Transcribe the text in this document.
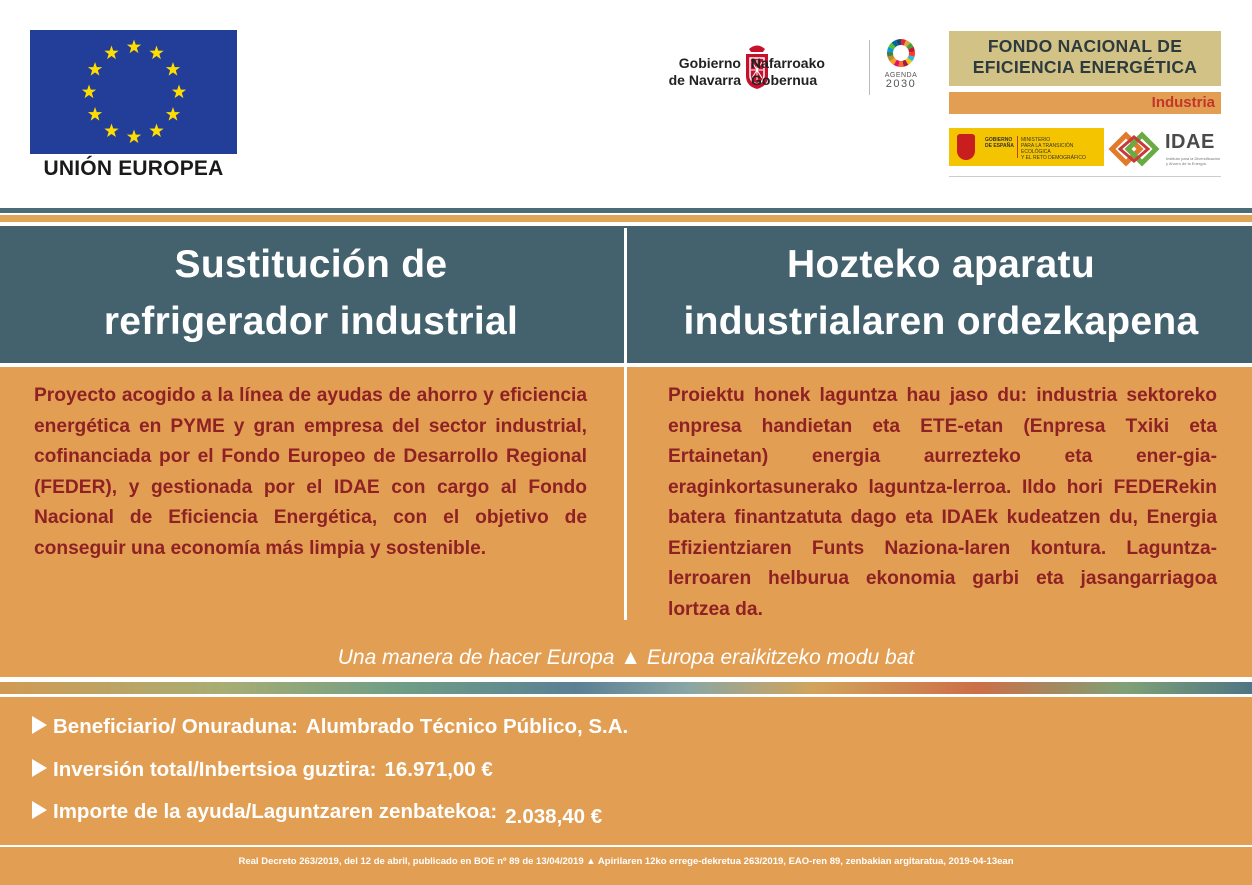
UNIÓN EUROPEA
Gobierno
de Navarra
Nafarroako
Gobernua	AGENDA
2030
FONDO NACIONAL DE
EFICIENCIA ENERGÉTICA
Industria
GOBIERNO
DE ESPAÑA
MINISTERIO
PARA LA TRANSICIÓN ECOLÓGICA
Y EL RETO DEMOGRÁFICO
IDAE
Instituto para la Diversificación
y Ahorro de la Energía
Sustitución de
refrigerador industrial
Hozteko aparatu
industrialaren ordezkapena
Proyecto acogido a la línea de ayudas de ahorro y eficiencia energética en PYME y gran empresa del sector industrial, cofinanciada por el Fondo Europeo de Desarrollo Regional (FEDER), y gestionada por el IDAE con cargo al Fondo Nacional de Eficiencia Energética, con el objetivo de conseguir una economía más limpia y sostenible.
Proiektu honek laguntza hau jaso du: industria sektoreko enpresa handietan eta ETE-etan (Enpresa Txiki eta Ertainetan) energia aurrezteko eta ener-gia-eraginkortasunerako laguntza-lerroa. Ildo hori FEDERekin batera finantzatuta dago eta IDAEk kudeatzen du, Energia Efizientziaren Funts Naziona-laren kontura. Laguntza-lerroaren helburua ekonomia garbi eta jasangarriagoa lortzea da.
Una manera de hacer Europa ▲ Europa eraikitzeko modu bat
Beneficiario/ Onuraduna: Alumbrado Técnico Público, S.A.
Inversión total/Inbertsioa guztira: 16.971,00 €
Importe de la ayuda/Laguntzaren zenbatekoa: 2.038,40 €
Real Decreto 263/2019, del 12 de abril, publicado en BOE nº 89 de 13/04/2019 ▲ Apirilaren 12ko errege-dekretua 263/2019, EAO-ren 89, zenbakian argitaratua, 2019-04-13ean
